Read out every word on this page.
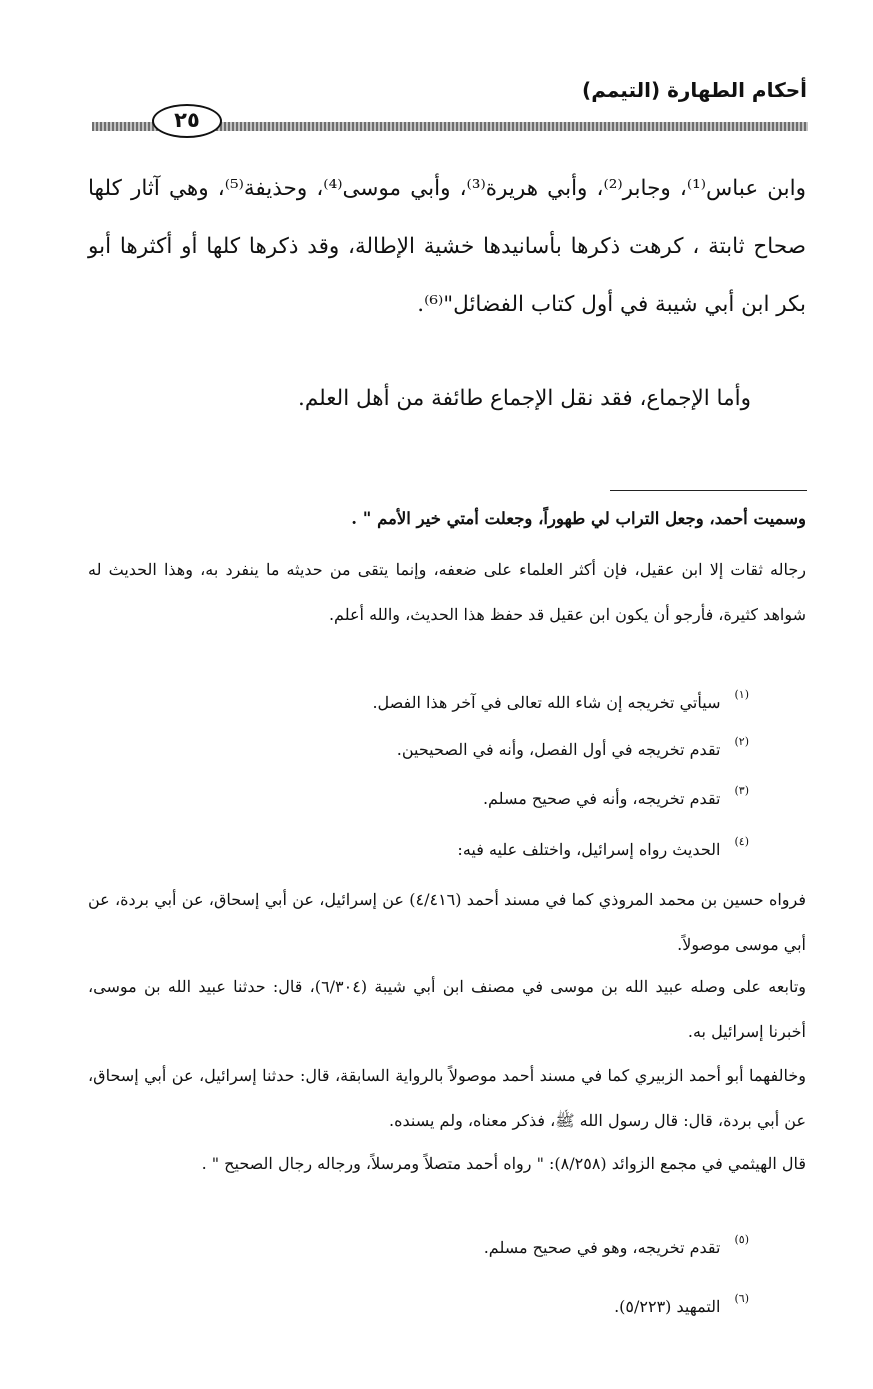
أحكام الطهارة (التيمم)
٢٥

وابن عباس⁽¹⁾، وجابر⁽²⁾، وأبي هريرة⁽³⁾، وأبي موسى⁽⁴⁾، وحذيفة⁽⁵⁾، وهي آثار كلها صحاح ثابتة ، كرهت ذكرها بأسانيدها خشية الإطالة، وقد ذكرها كلها أو أكثرها أبو بكر ابن أبي شيبة في أول كتاب الفضائل"⁽⁶⁾.

وأما الإجماع، فقد نقل الإجماع طائفة من أهل العلم.

وسميت أحمد، وجعل التراب لي طهوراً، وجعلت أمتي خير الأمم " .

رجاله ثقات إلا ابن عقيل، فإن أكثر العلماء على ضعفه، وإنما يتقى من حديثه ما ينفرد به، وهذا الحديث له شواهد كثيرة، فأرجو أن يكون ابن عقيل قد حفظ هذا الحديث، والله أعلم.

$^{(١)}$سيأتي تخريجه إن شاء الله تعالى في آخر هذا الفصل.

$^{(٢)}$تقدم تخريجه في أول الفصل، وأنه في الصحيحين.

$^{(٣)}$تقدم تخريجه، وأنه في صحيح مسلم.

$^{(٤)}$الحديث رواه إسرائيل، واختلف عليه فيه:

فرواه حسين بن محمد المروذي كما في مسند أحمد (٤/٤١٦) عن إسرائيل، عن أبي إسحاق، عن أبي بردة، عن أبي موسى موصولاً.

وتابعه على وصله عبيد الله بن موسى في مصنف ابن أبي شيبة (٦/٣٠٤)، قال: حدثنا عبيد الله بن موسى، أخبرنا إسرائيل به.

وخالفهما أبو أحمد الزبيري كما في مسند أحمد موصولاً بالرواية السابقة، قال: حدثنا إسرائيل، عن أبي إسحاق، عن أبي بردة، قال: قال رسول الله ﷺ، فذكر معناه، ولم يسنده.

قال الهيثمي في مجمع الزوائد (٨/٢٥٨): " رواه أحمد متصلاً ومرسلاً، ورجاله رجال الصحيح " .

$^{(٥)}$تقدم تخريجه، وهو في صحيح مسلم.

$^{(٦)}$التمهيد (٥/٢٢٣).
